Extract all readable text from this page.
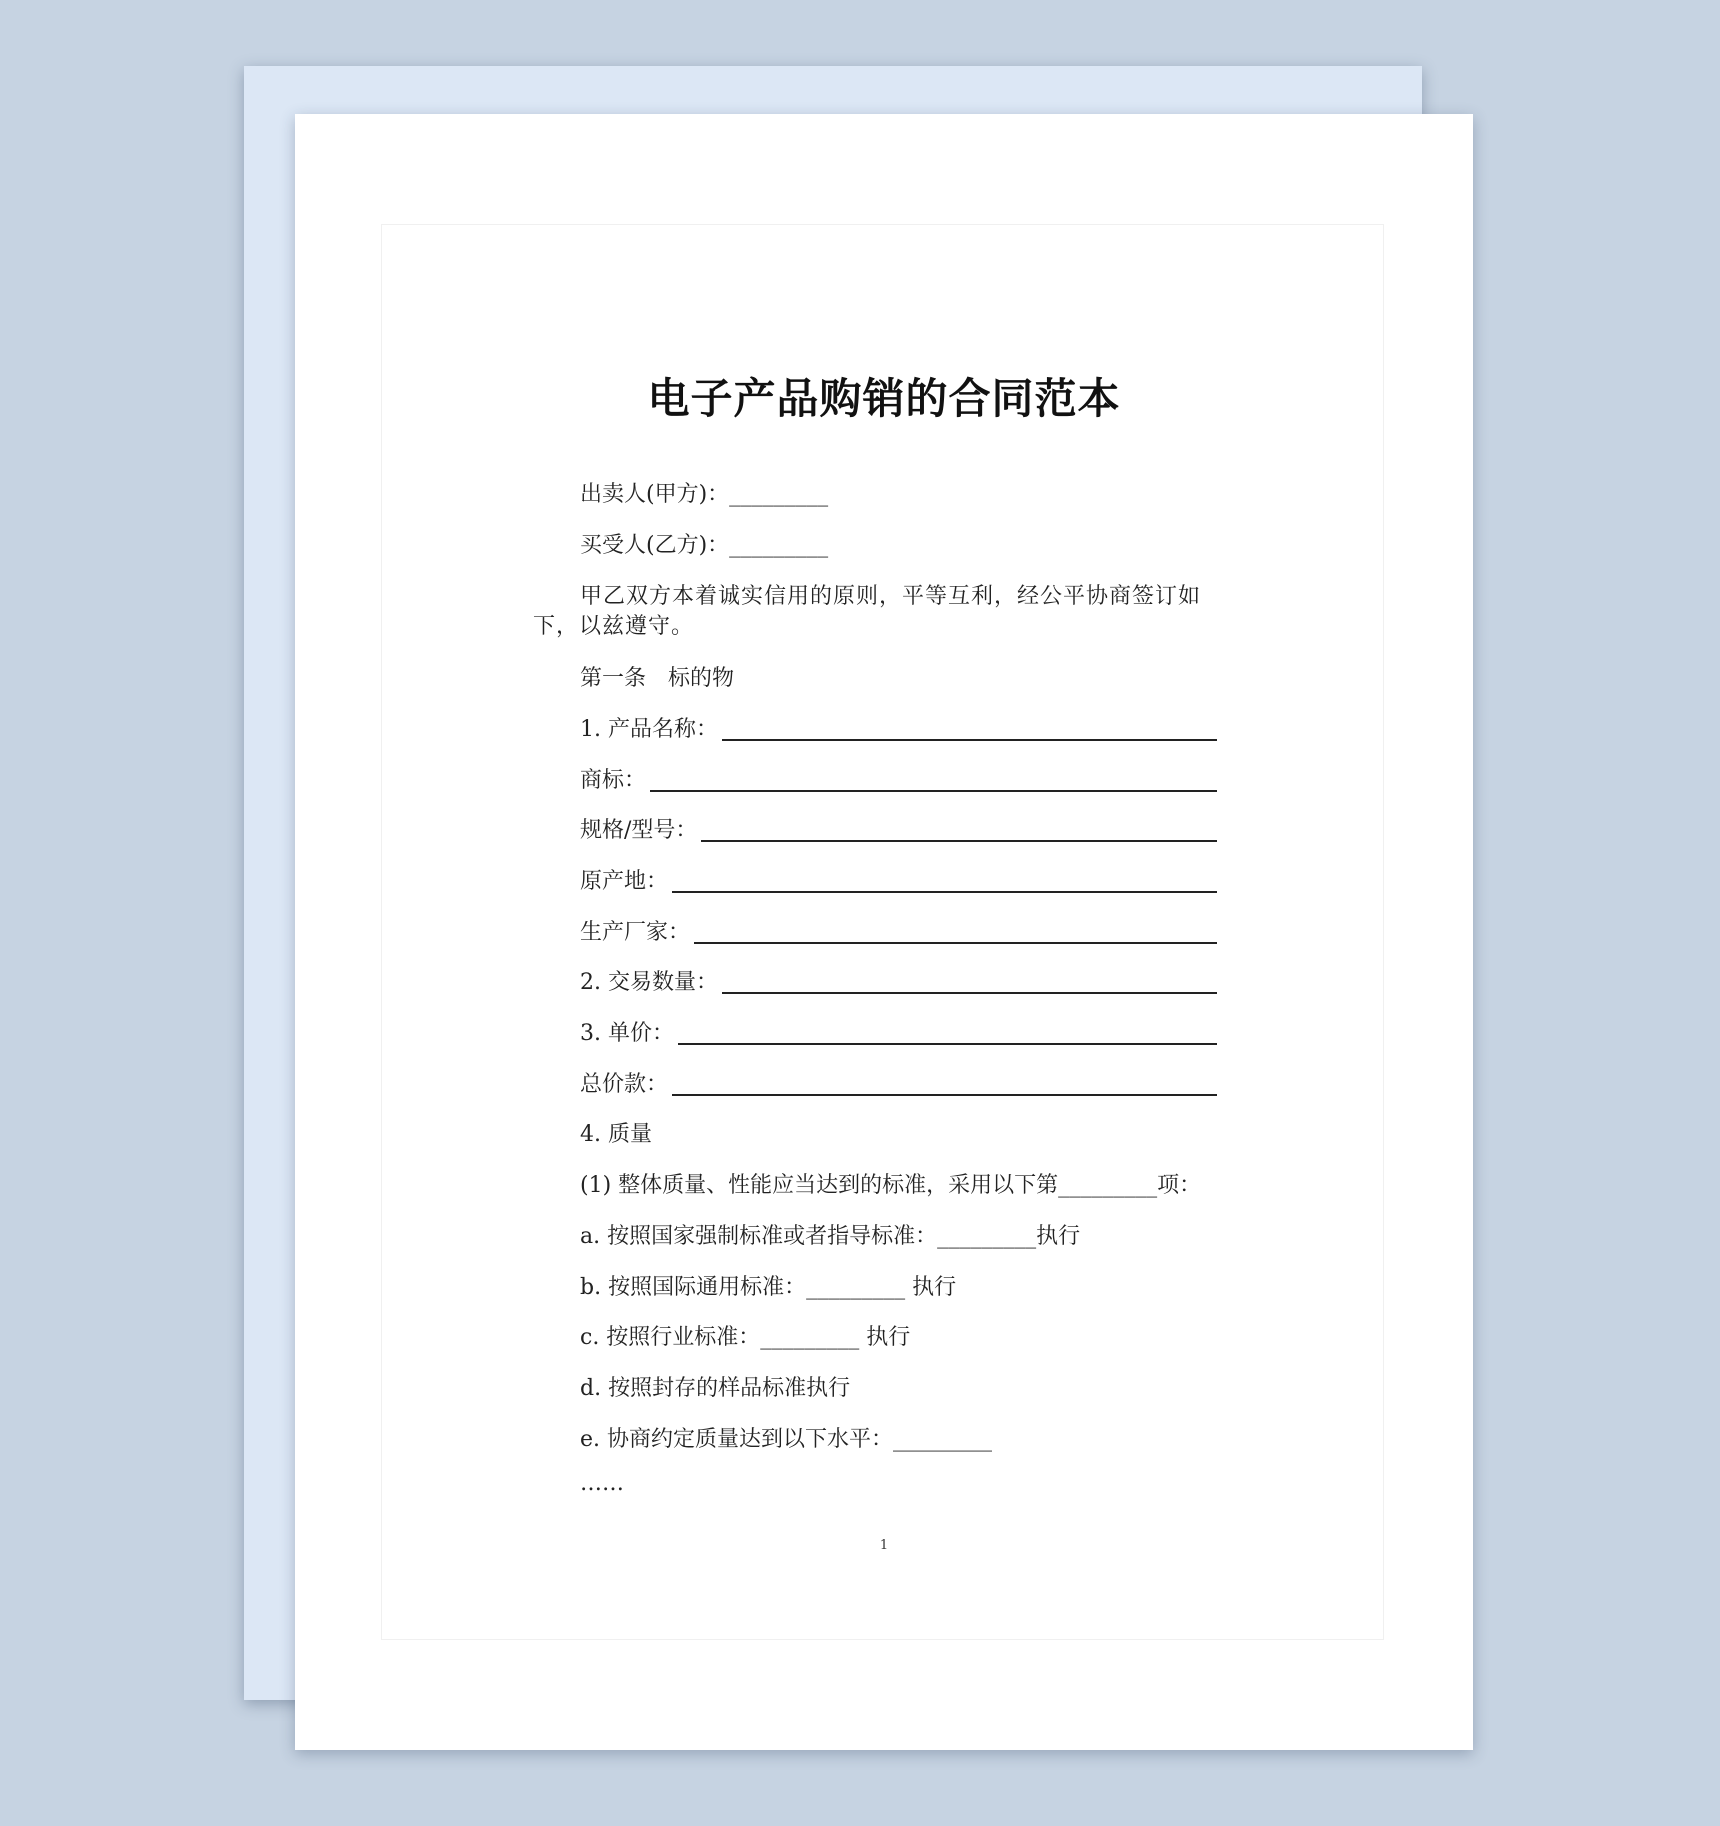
电子产品购销的合同范本
出卖人(甲方)：_________
买受人(乙方)：_________
甲乙双方本着诚实信用的原则，平等互利，经公平协商签订如下，以兹遵守。
第一条　标的物
1. 产品名称：
商标：
规格/型号：
原产地：
生产厂家：
2. 交易数量：
3. 单价：
总价款：
4. 质量
(1) 整体质量、性能应当达到的标准，采用以下第_________项：
a. 按照国家强制标准或者指导标准：_________执行
b. 按照国际通用标准：_________ 执行
c. 按照行业标准：_________ 执行
d. 按照封存的样品标准执行
e. 协商约定质量达到以下水平：_________
……
1
